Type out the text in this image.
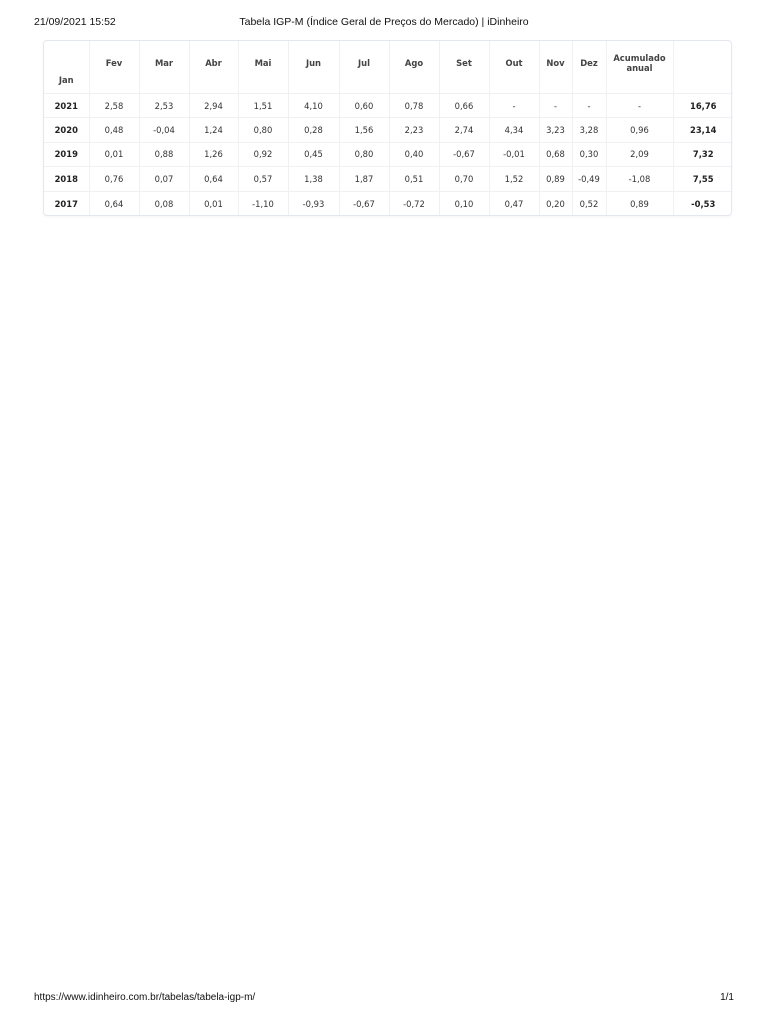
21/09/2021 15:52	Tabela IGP-M (Índice Geral de Preços do Mercado) | iDinheiro
Jan	Fev	Mar	Abr	Mai	Jun	Jul	Ago	Set	Out	Nov	Dez	Acumulado anual	
2021	2,58	2,53	2,94	1,51	4,10	0,60	0,78	0,66	-	-	-	-	16,76
2020	0,48	-0,04	1,24	0,80	0,28	1,56	2,23	2,74	4,34	3,23	3,28	0,96	23,14
2019	0,01	0,88	1,26	0,92	0,45	0,80	0,40	-0,67	-0,01	0,68	0,30	2,09	7,32
2018	0,76	0,07	0,64	0,57	1,38	1,87	0,51	0,70	1,52	0,89	-0,49	-1,08	7,55
2017	0,64	0,08	0,01	-1,10	-0,93	-0,67	-0,72	0,10	0,47	0,20	0,52	0,89	-0,53
https://www.idinheiro.com.br/tabelas/tabela-igp-m/	1/1
